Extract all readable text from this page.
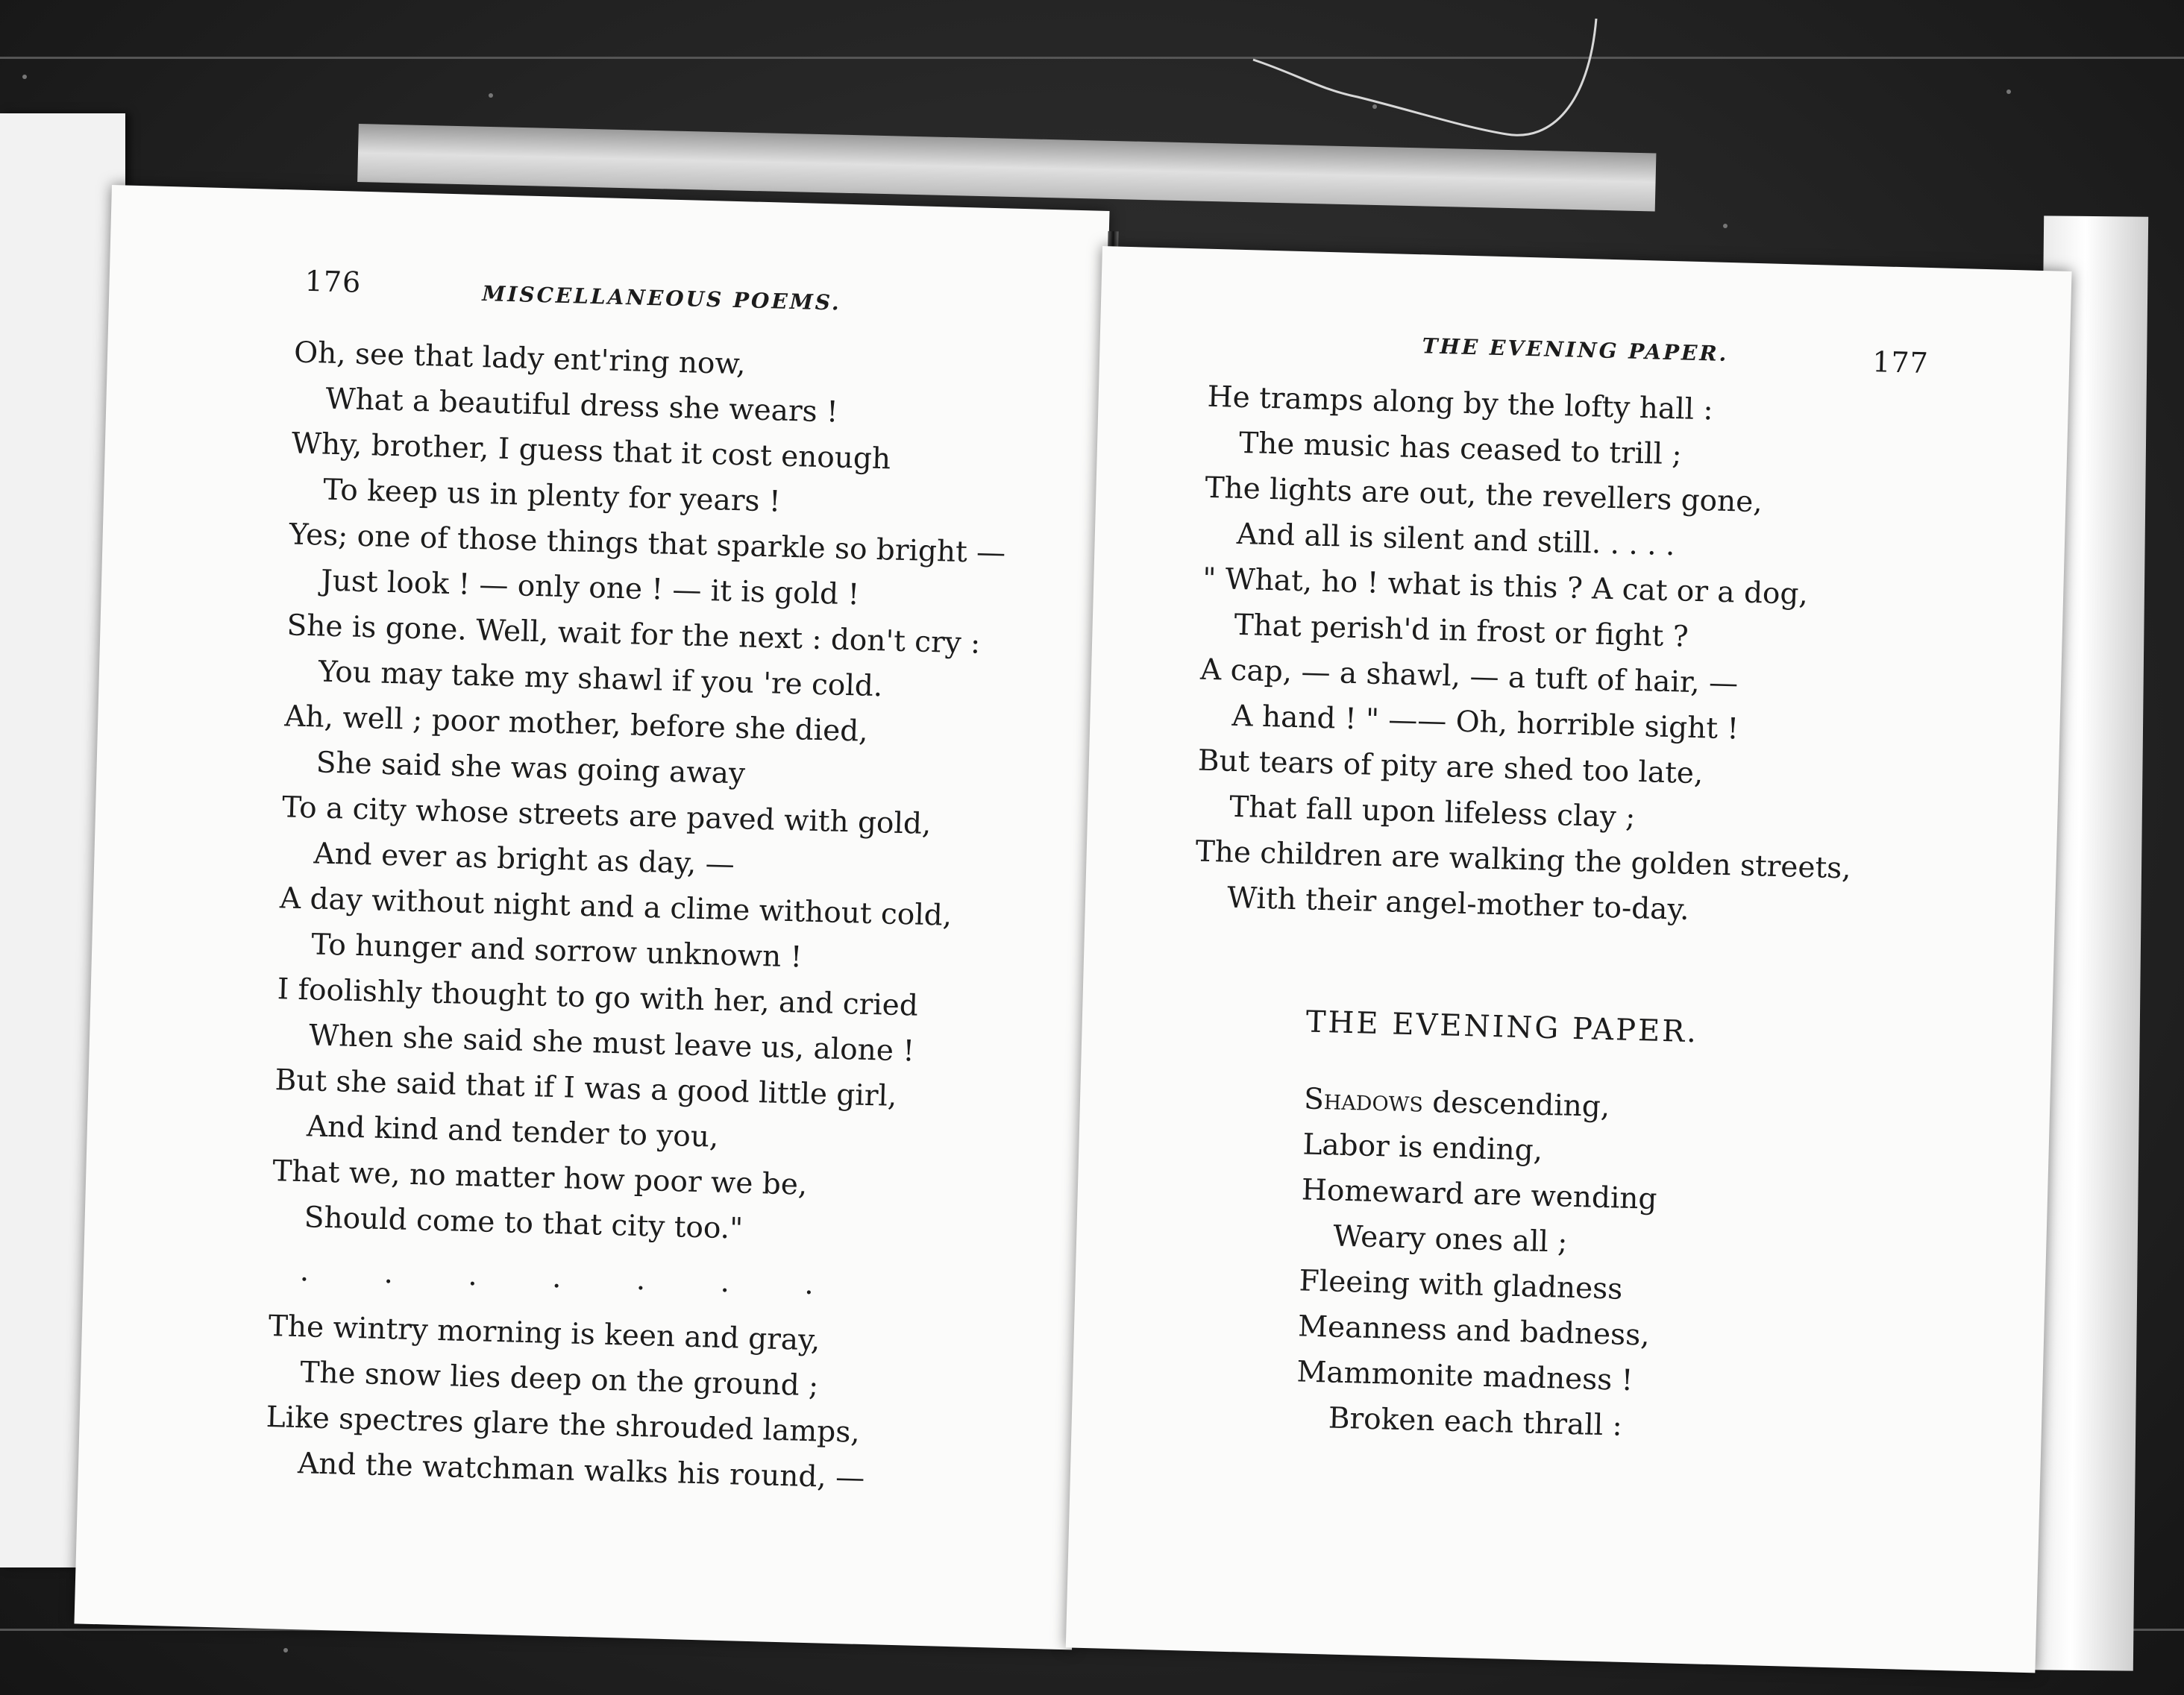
176	MISCELLANEOUS POEMS.
Oh, see that lady ent'ring now,
What a beautiful dress she wears !
Why, brother, I guess that it cost enough
To keep us in plenty for years !
Yes; one of those things that sparkle so bright —
Just look ! — only one ! — it is gold !
She is gone. Well, wait for the next : don't cry :
You may take my shawl if you 're cold.
Ah, well ; poor mother, before she died,
She said she was going away
To a city whose streets are paved with gold,
And ever as bright as day, —
A day without night and a clime without cold,
To hunger and sorrow unknown !
I foolishly thought to go with her, and cried
When she said she must leave us, alone !
But she said that if I was a good little girl,
And kind and tender to you,
That we, no matter how poor we be,
Should come to that city too."
. . . . . . .
The wintry morning is keen and gray,
The snow lies deep on the ground ;
Like spectres glare the shrouded lamps,
And the watchman walks his round, —
THE EVENING PAPER.	177
He tramps along by the lofty hall :
The music has ceased to trill ;
The lights are out, the revellers gone,
And all is silent and still. . . . .
" What, ho ! what is this ? A cat or a dog,
That perish'd in frost or fight ?
A cap, — a shawl, — a tuft of hair, —
A hand ! " —— Oh, horrible sight !
But tears of pity are shed too late,
That fall upon lifeless clay ;
The children are walking the golden streets,
With their angel-mother to-day.
THE EVENING PAPER.
Shadows descending,
Labor is ending,
Homeward are wending
Weary ones all ;
Fleeing with gladness
Meanness and badness,
Mammonite madness !
Broken each thrall :
